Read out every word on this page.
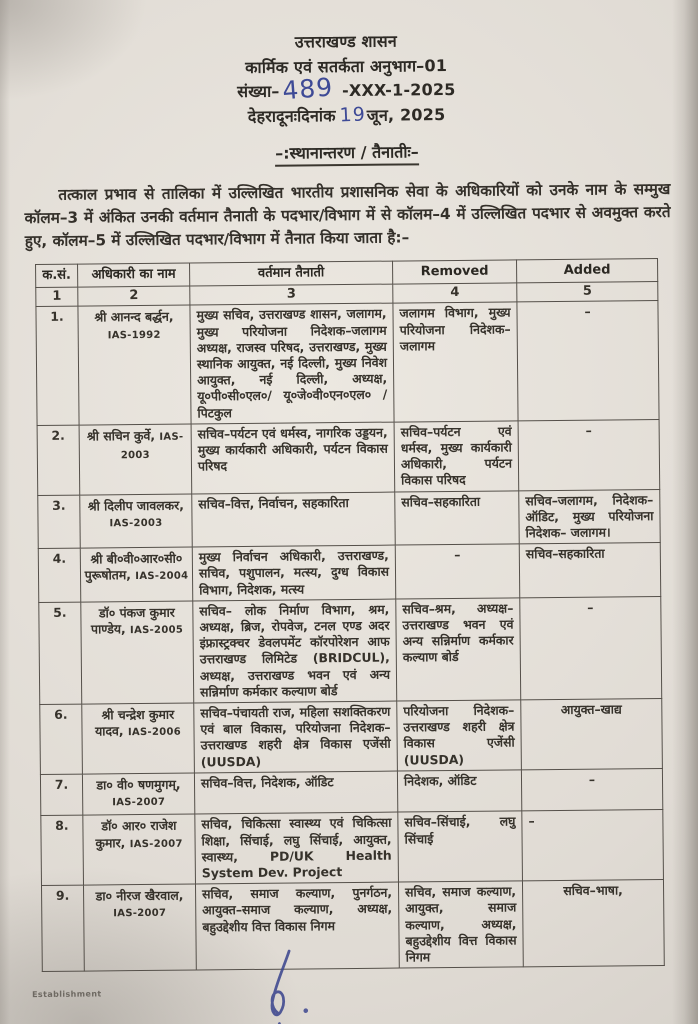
उत्तराखण्ड शासन
कार्मिक एवं सतर्कता अनुभाग–01
संख्या–489 -XXX-1-2025
देहरादूनःदिनांक 19जून, 2025
–:स्थानान्तरण / तैनातीः–

तत्काल प्रभाव से तालिका में उल्लिखित भारतीय प्रशासनिक सेवा के अधिकारियों को उनके नाम के सम्मुख कॉलम–3 में अंकित उनकी वर्तमान तैनाती के पदभार/विभाग में से कॉलम–4 में उल्लिखित पदभार से अवमुक्त करते हुए, कॉलम–5 में उल्लिखित पदभार/विभाग में तैनात किया जाता है:–

क.सं.	अधिकारी का नाम	वर्तमान तैनाती	Removed	Added
1	2	3	4	5
1.	श्री आनन्द बर्द्धन, IAS-1992	मुख्य सचिव, उत्तराखण्ड शासन, जलागम, मुख्य परियोजना निदेशक–जलागम अध्यक्ष, राजस्व परिषद, उत्तराखण्ड, मुख्य स्थानिक आयुक्त, नई दिल्ली, मुख्य निवेश आयुक्त, नई दिल्ली, अध्यक्ष, यू०पी०सी०एल०/ यू०जे०वी०एन०एल० / पिटकुल	जलागम विभाग, मुख्य परियोजना निदेशक– जलागम	–
2.	श्री सचिन कुर्वे, IAS-2003	सचिव–पर्यटन एवं धर्मस्व, नागरिक उड्डयन, मुख्य कार्यकारी अधिकारी, पर्यटन विकास परिषद	सचिव–पर्यटन एवं धर्मस्व, मुख्य कार्यकारी अधिकारी, पर्यटन विकास परिषद	–
3.	श्री दिलीप जावलकर, IAS-2003	सचिव–वित्त, निर्वाचन, सहकारिता	सचिव–सहकारिता	सचिव–जलागम, निदेशक– ऑडिट, मुख्य परियोजना निदेशक– जलागम।
4.	श्री बी०वी०आर०सी० पुरूषोतम, IAS-2004	मुख्य निर्वाचन अधिकारी, उत्तराखण्ड, सचिव, पशुपालन, मत्स्य, दुग्ध विकास विभाग, निदेशक, मत्स्य	–	सचिव–सहकारिता
5.	डॉ० पंकज कुमार पाण्डेय, IAS-2005	सचिव– लोक निर्माण विभाग, श्रम, अध्यक्ष, ब्रिज, रोपवेज, टनल एण्ड अदर इंफ्रास्ट्रक्चर डेवलपमेंट कॉरपोरेशन आफ उत्तराखण्ड लिमिटेड (BRIDCUL), अध्यक्ष, उत्तराखण्ड भवन एवं अन्य सन्निर्माण कर्मकार कल्याण बोर्ड	सचिव–श्रम, अध्यक्ष– उत्तराखण्ड भवन एवं अन्य सन्निर्माण कर्मकार कल्याण बोर्ड	–
6.	श्री चन्द्रेश कुमार यादव, IAS-2006	सचिव–पंचायती राज, महिला सशक्तिकरण एवं बाल विकास, परियोजना निदेशक– उत्तराखण्ड शहरी क्षेत्र विकास एजेंसी (UUSDA)	परियोजना निदेशक– उत्तराखण्ड शहरी क्षेत्र विकास एजेंसी (UUSDA)	आयुक्त–खाद्य
7.	डा० वी० षणमुगम्, IAS-2007	सचिव–वित्त, निदेशक, ऑडिट	निदेशक, ऑडिट	–
8.	डॉ० आर० राजेश कुमार, IAS-2007	सचिव, चिकित्सा स्वास्थ्य एवं चिकित्सा शिक्षा, सिंचाई, लघु सिंचाई, आयुक्त, स्वास्थ्य, PD/UK Health System Dev. Project	सचिव–सिंचाई, लघु सिंचाई	–
9.	डा० नीरज खैरवाल, IAS-2007	सचिव, समाज कल्याण, पुनर्गठन, आयुक्त–समाज कल्याण, अध्यक्ष, बहुउद्देशीय वित्त विकास निगम	सचिव, समाज कल्याण, आयुक्त, समाज कल्याण, अध्यक्ष, बहुउद्देशीय वित्त विकास निगम	सचिव–भाषा,
Establishment
